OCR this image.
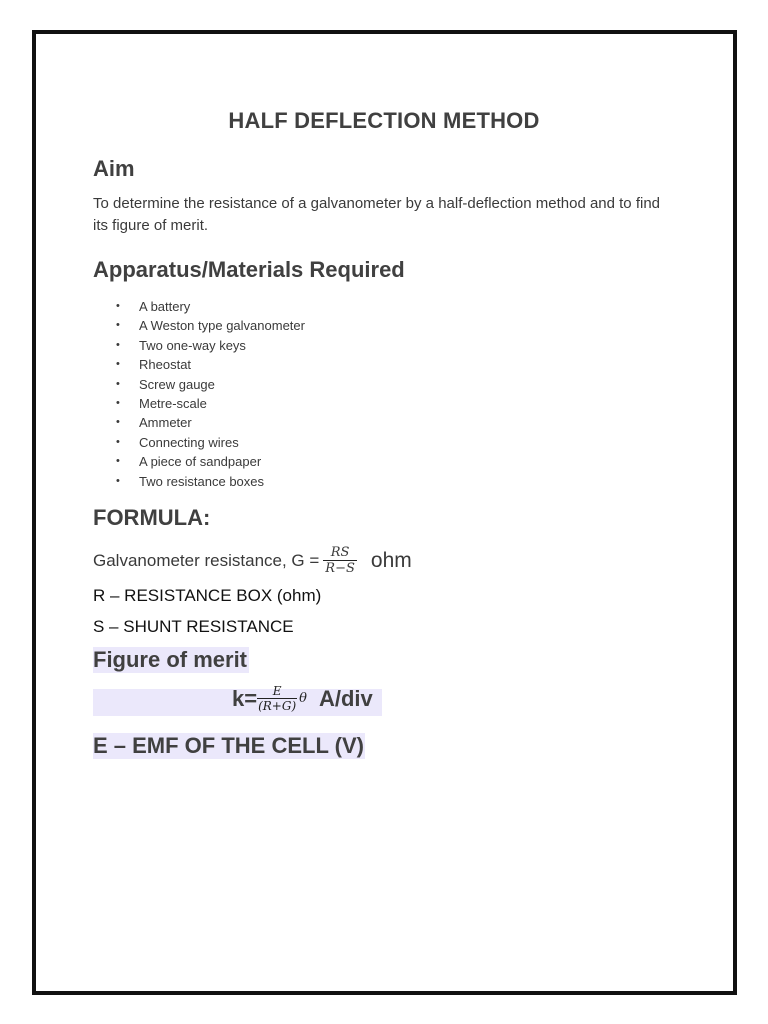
HALF DEFLECTION METHOD
Aim
To determine the resistance of a galvanometer by a half-deflection method and to find its figure of merit.
Apparatus/Materials Required
• A battery
• A Weston type galvanometer
• Two one-way keys
• Rheostat
• Screw gauge
• Metre-scale
• Ammeter
• Connecting wires
• A piece of sandpaper
• Two resistance boxes
FORMULA:
Galvanometer resistance, $G = \frac{RS}{R-S}$ ohm
R – RESISTANCE BOX (ohm)
S – SHUNT RESISTANCE
Figure of merit
$k= \frac{E}{(R+G)}$ θ A/div
E – EMF OF THE CELL (V)
